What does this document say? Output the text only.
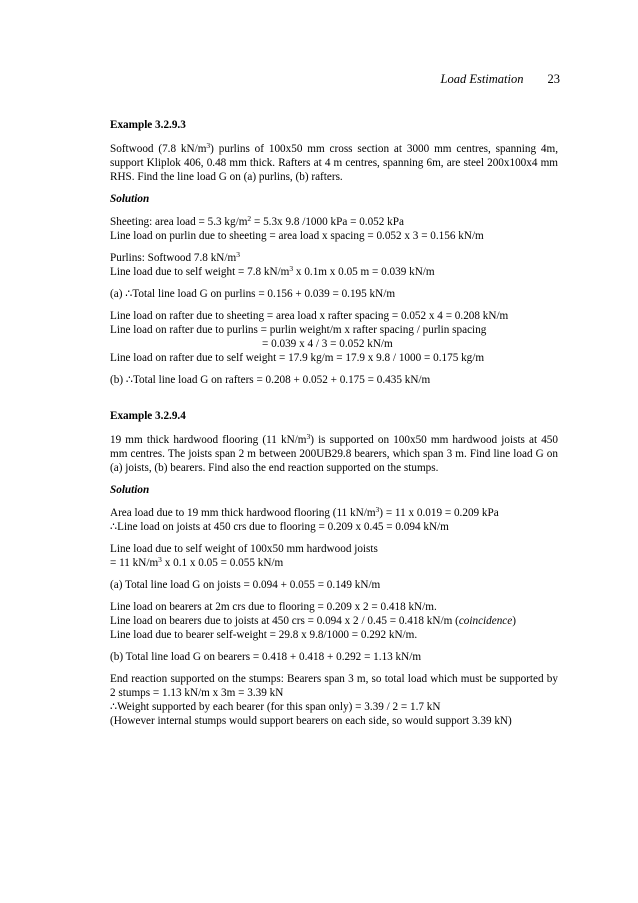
Load Estimation 23
Example 3.2.9.3

Softwood (7.8 $kN/m^3$) purlins of 100x50 mm cross section at 3000 mm centres, spanning 4m, support Kliplok 406, 0.48 mm thick. Rafters at 4 m centres, spanning 6m, are steel 200x100x4 mm RHS. Find the line load G on (a) purlins, (b) rafters.

Solution

Sheeting: area load = 5.3 $kg/m^2 = 5.3x$ 9.8 /1000 kPa = 0.052 kPa
Line load on purlin due to sheeting = area load x spacing = 0.052 x 3 = 0.156 kN/m

Purlins: Softwood 7.8 $kN/m^3$
Line load due to self weight = 7.8 $kN/m^3$ x 0.1m x 0.05 m = 0.039 kN/m

(a) ∴Total line load G on purlins = 0.156 + 0.039 = 0.195 kN/m

Line load on rafter due to sheeting = area load x rafter spacing = 0.052 x 4 = 0.208 kN/m
Line load on rafter due to purlins = purlin weight/m x rafter spacing / purlin spacing
= 0.039 x 4 / 3 = 0.052 kN/m
Line load on rafter due to self weight = 17.9 kg/m = 17.9 x 9.8 / 1000 = 0.175 kg/m

(b) ∴Total line load G on rafters = 0.208 + 0.052 + 0.175 = 0.435 kN/m

Example 3.2.9.4

19 mm thick hardwood flooring (11 $kN/m^3$) is supported on 100x50 mm hardwood joists at 450 mm centres. The joists span 2 m between 200UB29.8 bearers, which span 3 m. Find line load G on (a) joists, (b) bearers. Find also the end reaction supported on the stumps.

Solution

Area load due to 19 mm thick hardwood flooring (11 $kN/m^3) = 11$ x 0.019 = 0.209 kPa
∴Line load on joists at 450 crs due to flooring = 0.209 x 0.45 = 0.094 kN/m

Line load due to self weight of 100x50 mm hardwood joists
= 11 $kN/m^3$ x 0.1 x 0.05 = 0.055 kN/m

(a) Total line load G on joists = 0.094 + 0.055 = 0.149 kN/m

Line load on bearers at 2m crs due to flooring = 0.209 x 2 = 0.418 kN/m.
Line load on bearers due to joists at 450 crs = 0.094 x 2 / 0.45 = 0.418 kN/m (coincidence)
Line load due to bearer self-weight = 29.8 x 9.8/1000 = 0.292 kN/m.

(b) Total line load G on bearers = 0.418 + 0.418 + 0.292 = 1.13 kN/m

End reaction supported on the stumps: Bearers span 3 m, so total load which must be supported by 2 stumps = 1.13 kN/m x 3m = 3.39 kN
∴Weight supported by each bearer (for this span only) = 3.39 / 2 = 1.7 kN
(However internal stumps would support bearers on each side, so would support 3.39 kN)
